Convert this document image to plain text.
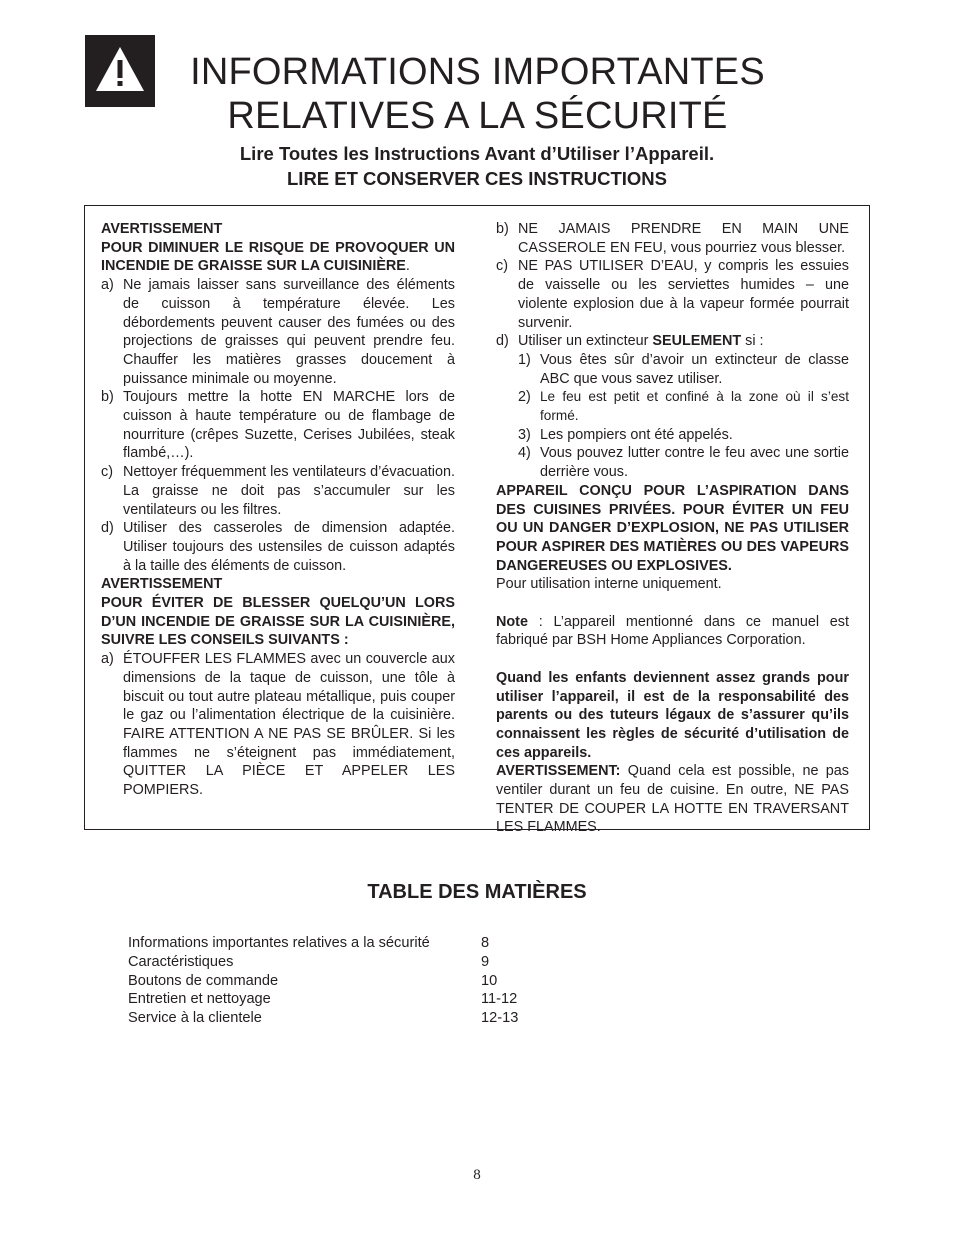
INFORMATIONS IMPORTANTES
RELATIVES A LA SÉCURITÉ
Lire Toutes les Instructions Avant d’Utiliser l’Appareil.
LIRE ET CONSERVER CES INSTRUCTIONS

AVERTISSEMENT

POUR DIMINUER LE RISQUE DE PROVOQUER UN INCENDIE DE GRAISSE SUR LA CUISINIÈRE.

a) Ne jamais laisser sans surveillance des éléments de cuisson à température élevée. Les débordements peuvent causer des fumées ou des projections de graisses qui peuvent prendre feu. Chauffer les matières grasses doucement à puissance minimale ou moyenne.
b) Toujours mettre la hotte EN MARCHE lors de cuisson à haute température ou de flambage de nourriture (crêpes Suzette, Cerises Jubilées, steak flambé,…).
c) Nettoyer fréquemment les ventilateurs d’évacuation. La graisse ne doit pas s’accumuler sur les ventilateurs ou les filtres.
d) Utiliser des casseroles de dimension adaptée. Utiliser toujours des ustensiles de cuisson adaptés à la taille des éléments de cuisson.

AVERTISSEMENT

POUR ÉVITER DE BLESSER QUELQU’UN LORS D’UN INCENDIE DE GRAISSE SUR LA CUISINIÈRE, SUIVRE LES CONSEILS SUIVANTS :

a) ÉTOUFFER LES FLAMMES avec un couvercle aux dimensions de la taque de cuisson, une tôle à biscuit ou tout autre plateau métallique, puis couper le gaz ou l’alimentation électrique de la cuisinière. FAIRE ATTENTION A NE PAS SE BRÛLER. Si les flammes ne s’éteignent pas immédiatement, QUITTER LA PIÈCE ET APPELER LES POMPIERS.
b) NE JAMAIS PRENDRE EN MAIN UNE CASSEROLE EN FEU, vous pourriez vous blesser.
c) NE PAS UTILISER D’EAU, y compris les essuies de vaisselle ou les serviettes humides – une violente explosion due à la vapeur formée pourrait survenir.
d) Utiliser un extincteur SEULEMENT si :
1) Vous êtes sûr d’avoir un extincteur de classe ABC que vous savez utiliser.
2) Le feu est petit et confiné à la zone où il s’est formé.
3) Les pompiers ont été appelés.
4) Vous pouvez lutter contre le feu avec une sortie derrière vous.

APPAREIL CONÇU POUR L’ASPIRATION DANS DES CUISINES PRIVÉES. POUR ÉVITER UN FEU OU UN DANGER D’EXPLOSION, NE PAS UTILISER POUR ASPIRER DES MATIÈRES OU DES VAPEURS DANGEREUSES OU EXPLOSIVES.

Pour utilisation interne uniquement.

Note : L’appareil mentionné dans ce manuel est fabriqué par BSH Home Appliances Corporation.

Quand les enfants deviennent assez grands pour utiliser l’appareil, il est de la responsabilité des parents ou des tuteurs légaux de s’assurer qu’ils connaissent les règles de sécurité d’utilisation de ces appareils.

AVERTISSEMENT: Quand cela est possible, ne pas ventiler durant un feu de cuisine. En outre, NE PAS TENTER DE COUPER LA HOTTE EN TRAVERSANT LES FLAMMES.

TABLE DES MATIÈRES
Informations importantes relatives a la sécurité	8
Caractéristiques	9
Boutons de commande	10
Entretien et nettoyage	11-12
Service à la clientele	12-13
8
